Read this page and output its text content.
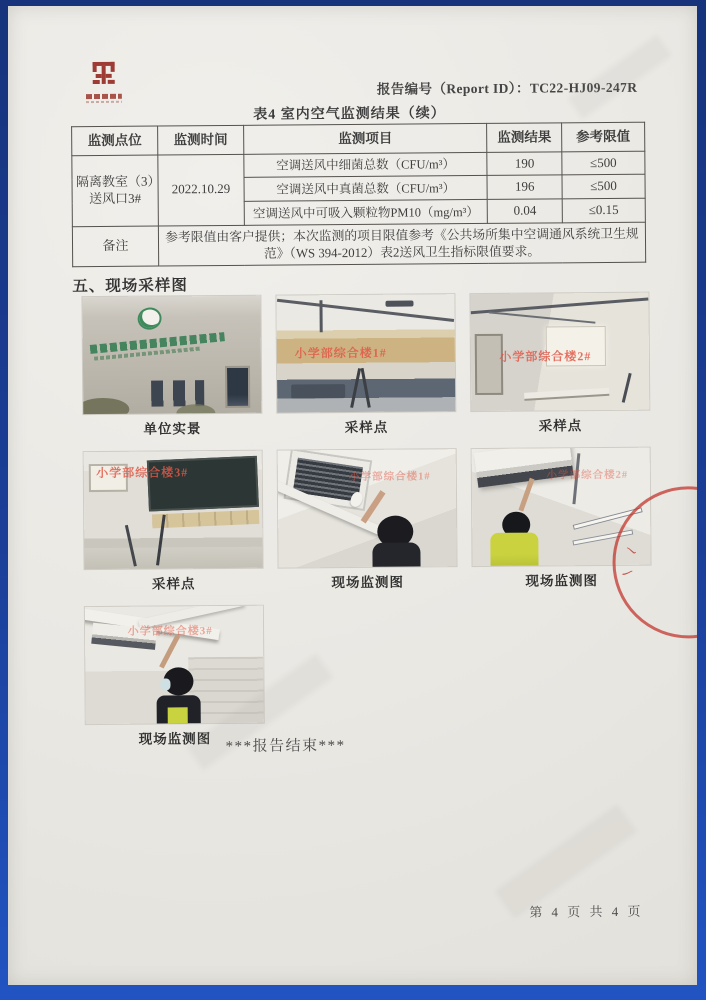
报告编号（Report ID）：TC22-HJ09-247R
表4 室内空气监测结果（续）
监测点位	监测时间	监测项目	监测结果	参考限值
隔离教室（3）送风口3#	2022.10.29	空调送风中细菌总数（CFU/m³）	190	≤500
		空调送风中真菌总数（CFU/m³）	196	≤500
		空调送风中可吸入颗粒物PM10（mg/m³）	0.04	≤0.15
备注	参考限值由客户提供；本次监测的项目限值参考《公共场所集中空调通风系统卫生规范》（WS 394-2012）表2送风卫生指标限值要求。			
五、现场采样图
单位实景
小学部综合楼1#
采样点
小学部综合楼2#
采样点
小学部综合楼3#
采样点
小学部综合楼1#
现场监测图
小学部综合楼2#
现场监测图
小学部综合楼3#
现场监测图 ***报告结束***
第 4 页 共 4 页
〳
〵
